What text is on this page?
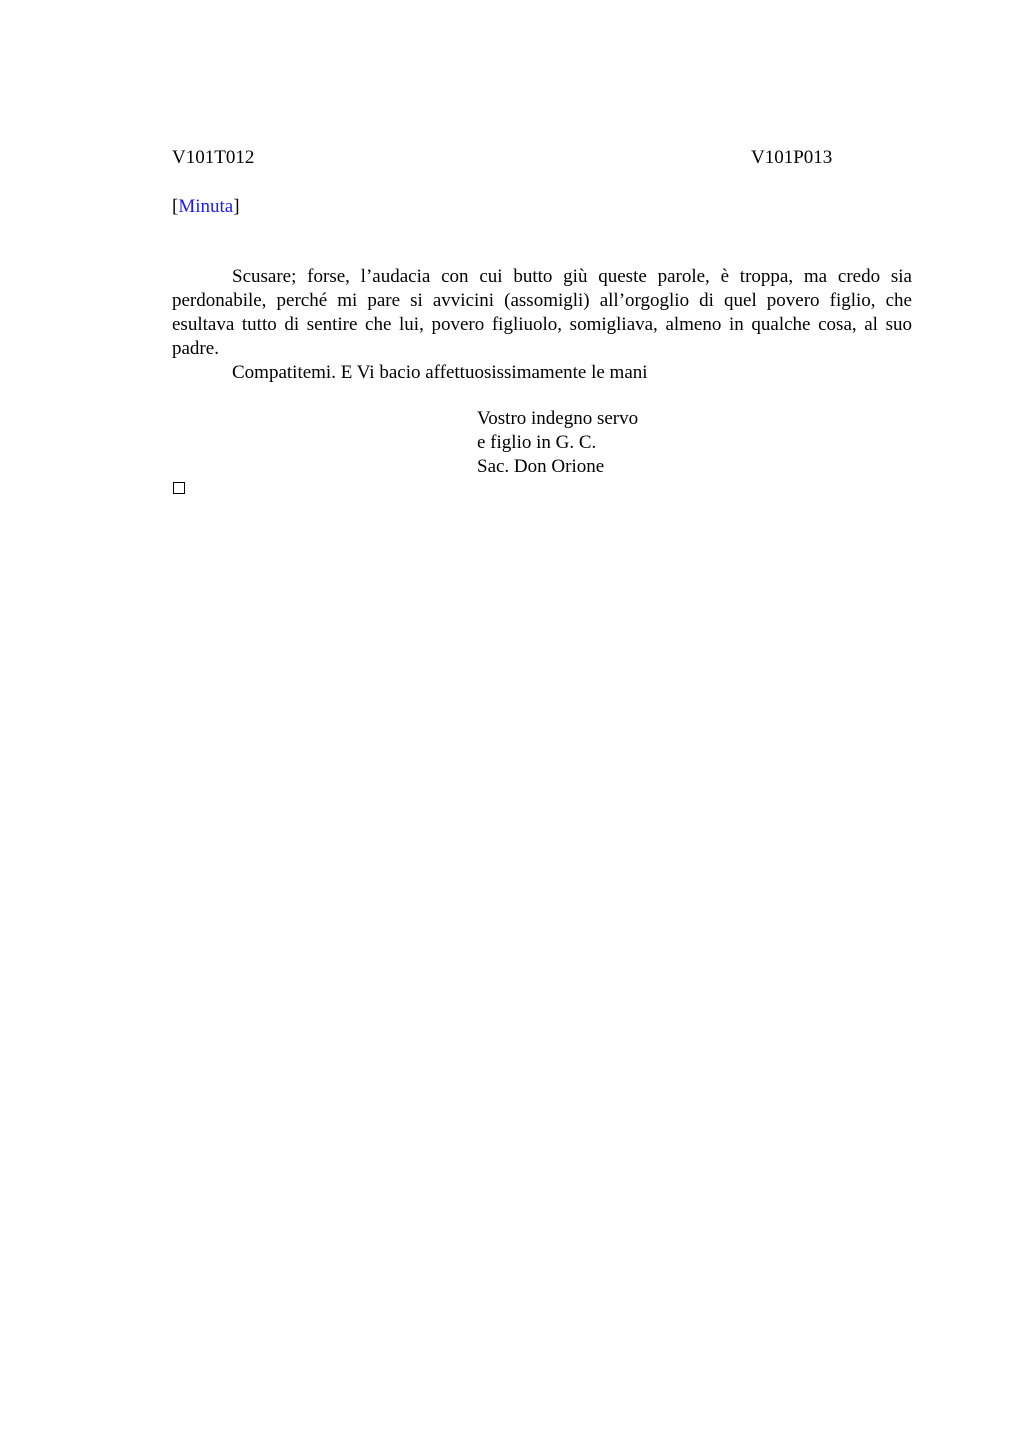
V101T012	V101P013
[Minuta]

Scusare; forse, l’audacia con cui butto giù queste parole, è troppa, ma credo sia perdonabile, perché mi pare si avvicini (assomigli) all’orgoglio di quel povero figlio, che esultava tutto di sentire che lui, povero figliuolo, somigliava, almeno in qualche cosa, al suo padre.

Compatitemi. E Vi bacio affettuosissimamente le mani

Vostro indegno servo
e figlio in G. C.
Sac. Don Orione
